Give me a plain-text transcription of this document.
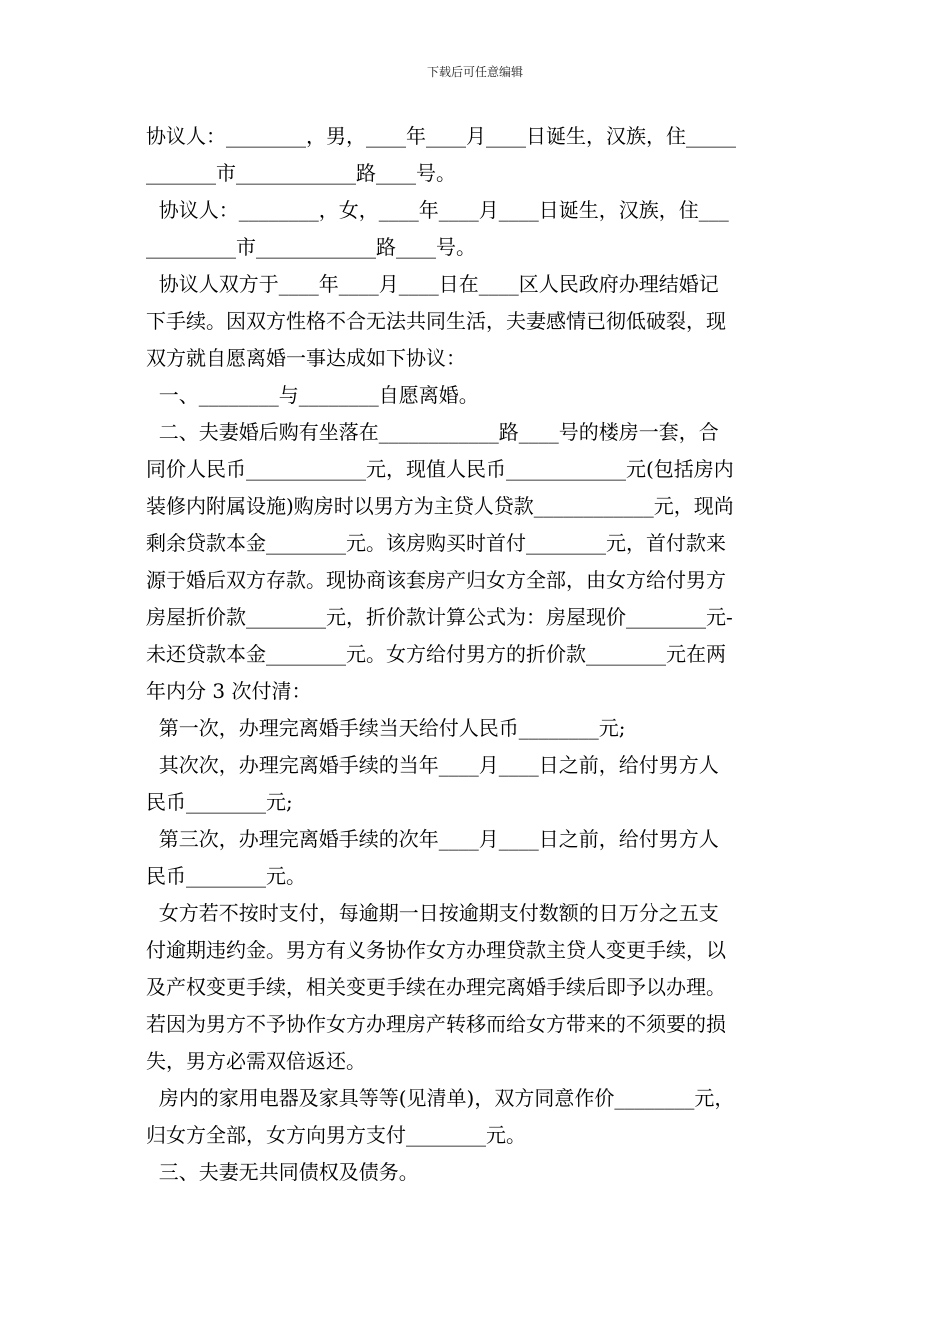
下载后可任意编辑
协议人：________，男，____年____月____日诞生，汉族，住_____
_______市____________路____号。
协议人：________，女，____年____月____日诞生，汉族，住___
_________市____________路____号。
协议人双方于____年____月____日在____区人民政府办理结婚记
下手续。因双方性格不合无法共同生活，夫妻感情已彻低破裂，现
双方就自愿离婚一事达成如下协议：
一、________与________自愿离婚。
二、夫妻婚后购有坐落在____________路____号的楼房一套，合
同价人民币____________元，现值人民币____________元(包括房内
装修内附属设施)购房时以男方为主贷人贷款____________元，现尚
剩余贷款本金________元。该房购买时首付________元，首付款来
源于婚后双方存款。现协商该套房产归女方全部，由女方给付男方
房屋折价款________元，折价款计算公式为：房屋现价________元-
未还贷款本金________元。女方给付男方的折价款________元在两
年内分 3 次付清：
第一次，办理完离婚手续当天给付人民币________元;
其次次，办理完离婚手续的当年____月____日之前，给付男方人
民币________元;
第三次，办理完离婚手续的次年____月____日之前，给付男方人
民币________元。
女方若不按时支付，每逾期一日按逾期支付数额的日万分之五支
付逾期违约金。男方有义务协作女方办理贷款主贷人变更手续，以
及产权变更手续，相关变更手续在办理完离婚手续后即予以办理。
若因为男方不予协作女方办理房产转移而给女方带来的不须要的损
失，男方必需双倍返还。
房内的家用电器及家具等等(见清单)，双方同意作价________元，
归女方全部，女方向男方支付________元。
三、夫妻无共同债权及债务。
